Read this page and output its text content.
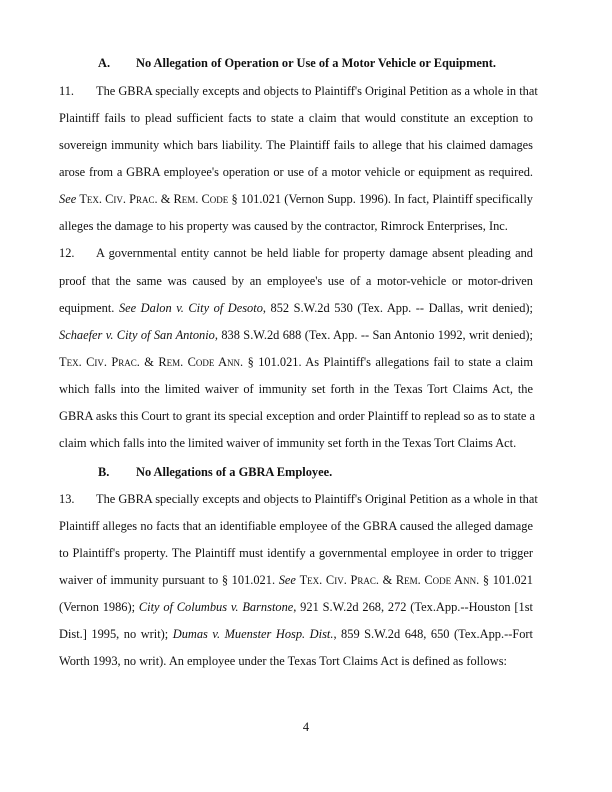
A. No Allegation of Operation or Use of a Motor Vehicle or Equipment.
11. The GBRA specially excepts and objects to Plaintiff's Original Petition as a whole in that
Plaintiff fails to plead sufficient facts to state a claim that would constitute an exception to
sovereign immunity which bars liability. The Plaintiff fails to allege that his claimed damages
arose from a GBRA employee's operation or use of a motor vehicle or equipment as required.
See Tex. Civ. Prac. & Rem. Code § 101.021 (Vernon Supp. 1996). In fact, Plaintiff specifically
alleges the damage to his property was caused by the contractor, Rimrock Enterprises, Inc.
12. A governmental entity cannot be held liable for property damage absent pleading and
proof that the same was caused by an employee's use of a motor-vehicle or motor-driven
equipment. See Dalon v. City of Desoto, 852 S.W.2d 530 (Tex. App. -- Dallas, writ denied);
Schaefer v. City of San Antonio, 838 S.W.2d 688 (Tex. App. -- San Antonio 1992, writ denied);
Tex. Civ. Prac. & Rem. Code Ann. § 101.021. As Plaintiff's allegations fail to state a claim
which falls into the limited waiver of immunity set forth in the Texas Tort Claims Act, the
GBRA asks this Court to grant its special exception and order Plaintiff to replead so as to state a
claim which falls into the limited waiver of immunity set forth in the Texas Tort Claims Act.
B. No Allegations of a GBRA Employee.
13. The GBRA specially excepts and objects to Plaintiff's Original Petition as a whole in that
Plaintiff alleges no facts that an identifiable employee of the GBRA caused the alleged damage
to Plaintiff's property. The Plaintiff must identify a governmental employee in order to trigger
waiver of immunity pursuant to § 101.021. See Tex. Civ. Prac. & Rem. Code Ann. § 101.021
(Vernon 1986); City of Columbus v. Barnstone, 921 S.W.2d 268, 272 (Tex.App.--Houston [1st
Dist.] 1995, no writ); Dumas v. Muenster Hosp. Dist., 859 S.W.2d 648, 650 (Tex.App.--Fort
Worth 1993, no writ). An employee under the Texas Tort Claims Act is defined as follows:
4
